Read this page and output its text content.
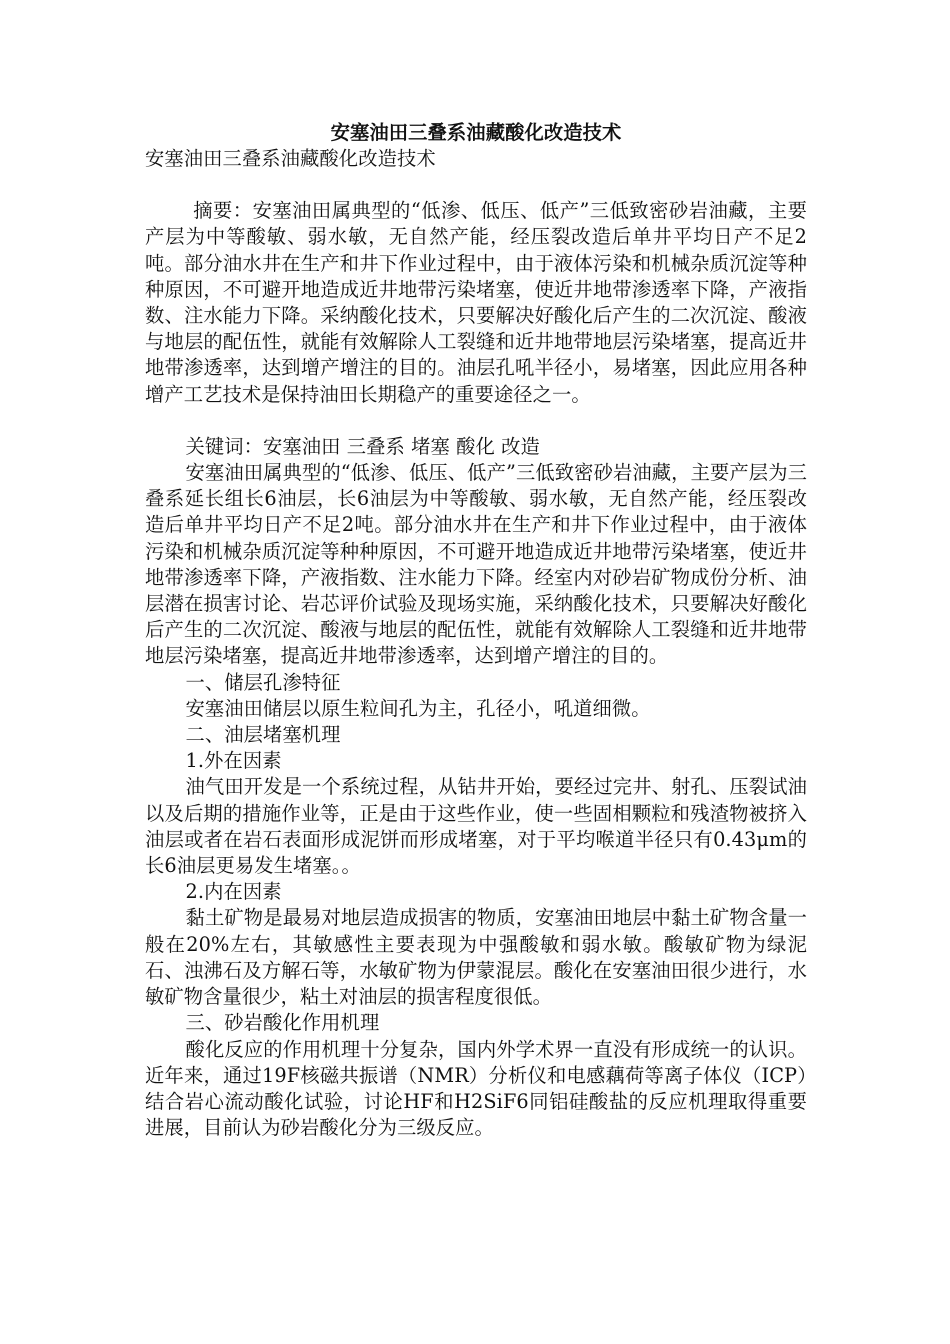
安塞油田三叠系油藏酸化改造技术

安塞油田三叠系油藏酸化改造技术

摘要：安塞油田属典型的“低渗、低压、低产”三低致密砂岩油藏，主要产层为中等酸敏、弱水敏，无自然产能，经压裂改造后单井平均日产不足2吨。部分油水井在生产和井下作业过程中，由于液体污染和机械杂质沉淀等种种原因，不可避开地造成近井地带污染堵塞，使近井地带渗透率下降，产液指数、注水能力下降。采纳酸化技术，只要解决好酸化后产生的二次沉淀、酸液与地层的配伍性，就能有效解除人工裂缝和近井地带地层污染堵塞，提高近井地带渗透率，达到增产增注的目的。油层孔吼半径小，易堵塞，因此应用各种增产工艺技术是保持油田长期稳产的重要途径之一。

关键词：安塞油田 三叠系 堵塞 酸化 改造

安塞油田属典型的“低渗、低压、低产”三低致密砂岩油藏，主要产层为三叠系延长组长6油层，长6油层为中等酸敏、弱水敏，无自然产能，经压裂改造后单井平均日产不足2吨。部分油水井在生产和井下作业过程中，由于液体污染和机械杂质沉淀等种种原因，不可避开地造成近井地带污染堵塞，使近井地带渗透率下降，产液指数、注水能力下降。经室内对砂岩矿物成份分析、油层潜在损害讨论、岩芯评价试验及现场实施，采纳酸化技术，只要解决好酸化后产生的二次沉淀、酸液与地层的配伍性，就能有效解除人工裂缝和近井地带地层污染堵塞，提高近井地带渗透率，达到增产增注的目的。

一、储层孔渗特征

安塞油田储层以原生粒间孔为主，孔径小，吼道细微。

二、油层堵塞机理

1.外在因素

油气田开发是一个系统过程，从钻井开始，要经过完井、射孔、压裂试油以及后期的措施作业等，正是由于这些作业，使一些固相颗粒和残渣物被挤入油层或者在岩石表面形成泥饼而形成堵塞，对于平均喉道半径只有0.43μm的长6油层更易发生堵塞。。

2.内在因素

黏土矿物是最易对地层造成损害的物质，安塞油田地层中黏土矿物含量一般在20%左右，其敏感性主要表现为中强酸敏和弱水敏。酸敏矿物为绿泥石、浊沸石及方解石等，水敏矿物为伊蒙混层。酸化在安塞油田很少进行，水敏矿物含量很少，粘土对油层的损害程度很低。

三、砂岩酸化作用机理

酸化反应的作用机理十分复杂，国内外学术界一直没有形成统一的认识。近年来，通过19F核磁共振谱（NMR）分析仪和电感藕荷等离子体仪（ICP）结合岩心流动酸化试验，讨论HF和H2SiF6同铝硅酸盐的反应机理取得重要进展，目前认为砂岩酸化分为三级反应。
